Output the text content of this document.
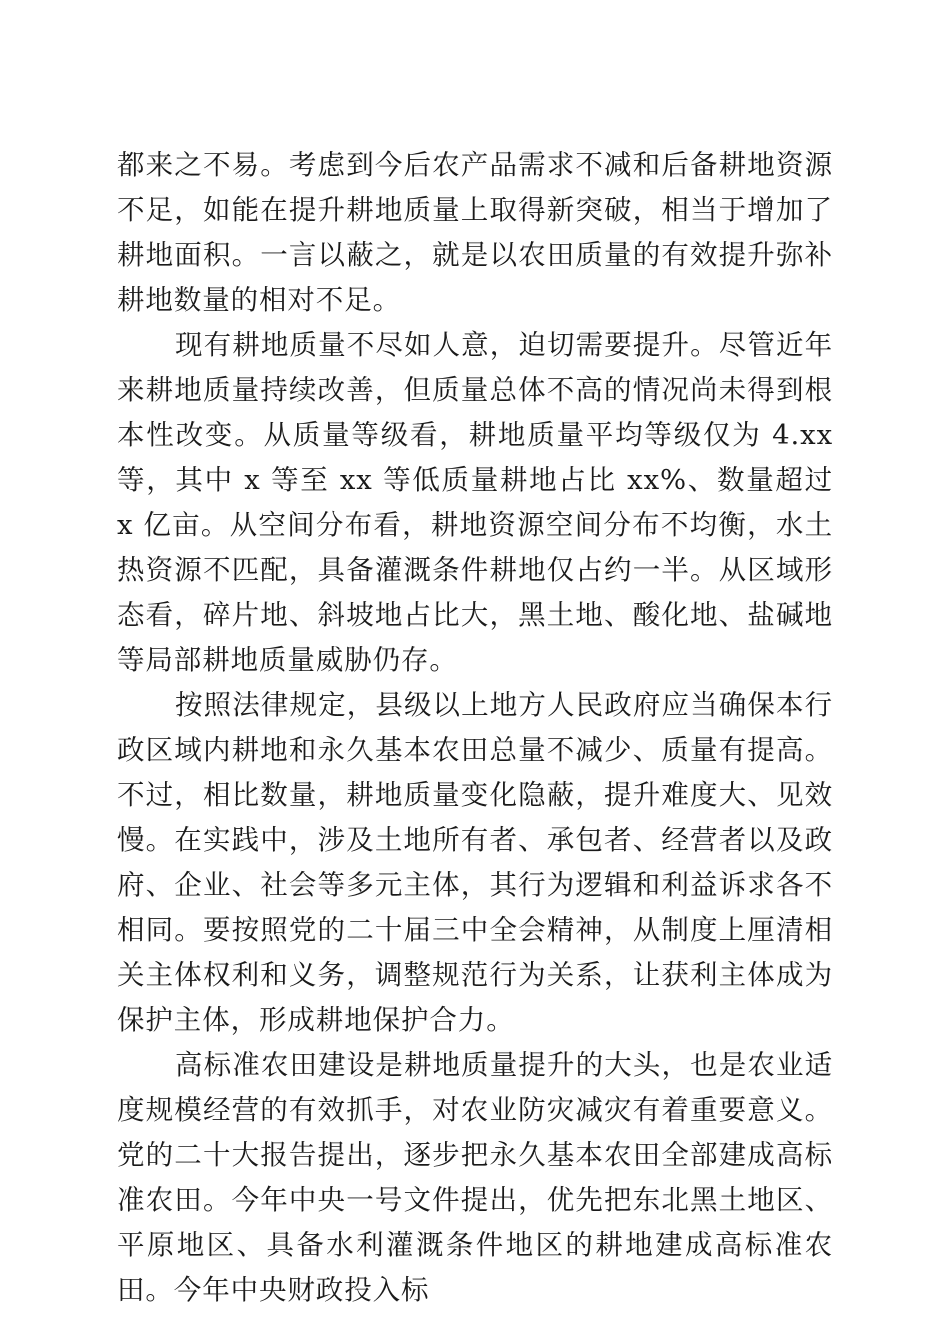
都来之不易。考虑到今后农产品需求不减和后备耕地资源不足，如能在提升耕地质量上取得新突破，相当于增加了耕地面积。一言以蔽之，就是以农田质量的有效提升弥补耕地数量的相对不足。

现有耕地质量不尽如人意，迫切需要提升。尽管近年来耕地质量持续改善，但质量总体不高的情况尚未得到根本性改变。从质量等级看，耕地质量平均等级仅为 4.xx 等，其中 x 等至 xx 等低质量耕地占比 xx%、数量超过 x 亿亩。从空间分布看，耕地资源空间分布不均衡，水土热资源不匹配，具备灌溉条件耕地仅占约一半。从区域形态看，碎片地、斜坡地占比大，黑土地、酸化地、盐碱地等局部耕地质量威胁仍存。

按照法律规定，县级以上地方人民政府应当确保本行政区域内耕地和永久基本农田总量不减少、质量有提高。不过，相比数量，耕地质量变化隐蔽，提升难度大、见效慢。在实践中，涉及土地所有者、承包者、经营者以及政府、企业、社会等多元主体，其行为逻辑和利益诉求各不相同。要按照党的二十届三中全会精神，从制度上厘清相关主体权利和义务，调整规范行为关系，让获利主体成为保护主体，形成耕地保护合力。

高标准农田建设是耕地质量提升的大头，也是农业适度规模经营的有效抓手，对农业防灾减灾有着重要意义。党的二十大报告提出，逐步把永久基本农田全部建成高标准农田。今年中央一号文件提出，优先把东北黑土地区、平原地区、具备水利灌溉条件地区的耕地建成高标准农田。今年中央财政投入标
